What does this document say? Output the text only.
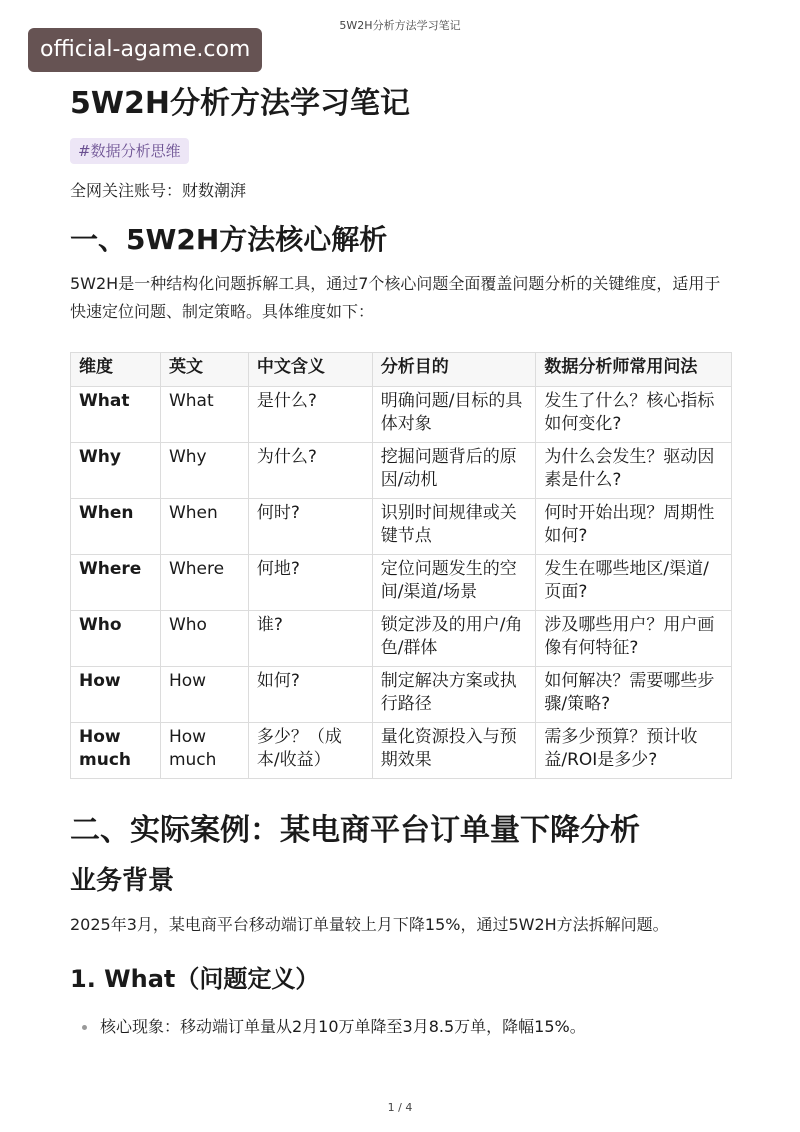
5W2H分析方法学习笔记
official-agame.com
5W2H分析方法学习笔记
#数据分析思维
全网关注账号：财数潮湃
一、5W2H方法核心解析

5W2H是一种结构化问题拆解工具，通过7个核心问题全面覆盖问题分析的关键维度，适用于快速定位问题、制定策略。具体维度如下：

维度	英文	中文含义	分析目的	数据分析师常用问法
What	What	是什么?	明确问题/目标的具体对象	发生了什么？核心指标如何变化?
Why	Why	为什么?	挖掘问题背后的原因/动机	为什么会发生？驱动因素是什么?
When	When	何时?	识别时间规律或关键节点	何时开始出现？周期性如何?
Where	Where	何地?	定位问题发生的空间/渠道/场景	发生在哪些地区/渠道/页面?
Who	Who	谁?	锁定涉及的用户/角色/群体	涉及哪些用户？用户画像有何特征?
How	How	如何?	制定解决方案或执行路径	如何解决？需要哪些步骤/策略?
How much	How much	多少？（成本/收益）	量化资源投入与预期效果	需多少预算？预计收益/ROI是多少?
二、实际案例：某电商平台订单量下降分析
业务背景

2025年3月，某电商平台移动端订单量较上月下降15%，通过5W2H方法拆解问题。

1. What（问题定义）
核心现象：移动端订单量从2月10万单降至3月8.5万单，降幅15%。
1 / 4
